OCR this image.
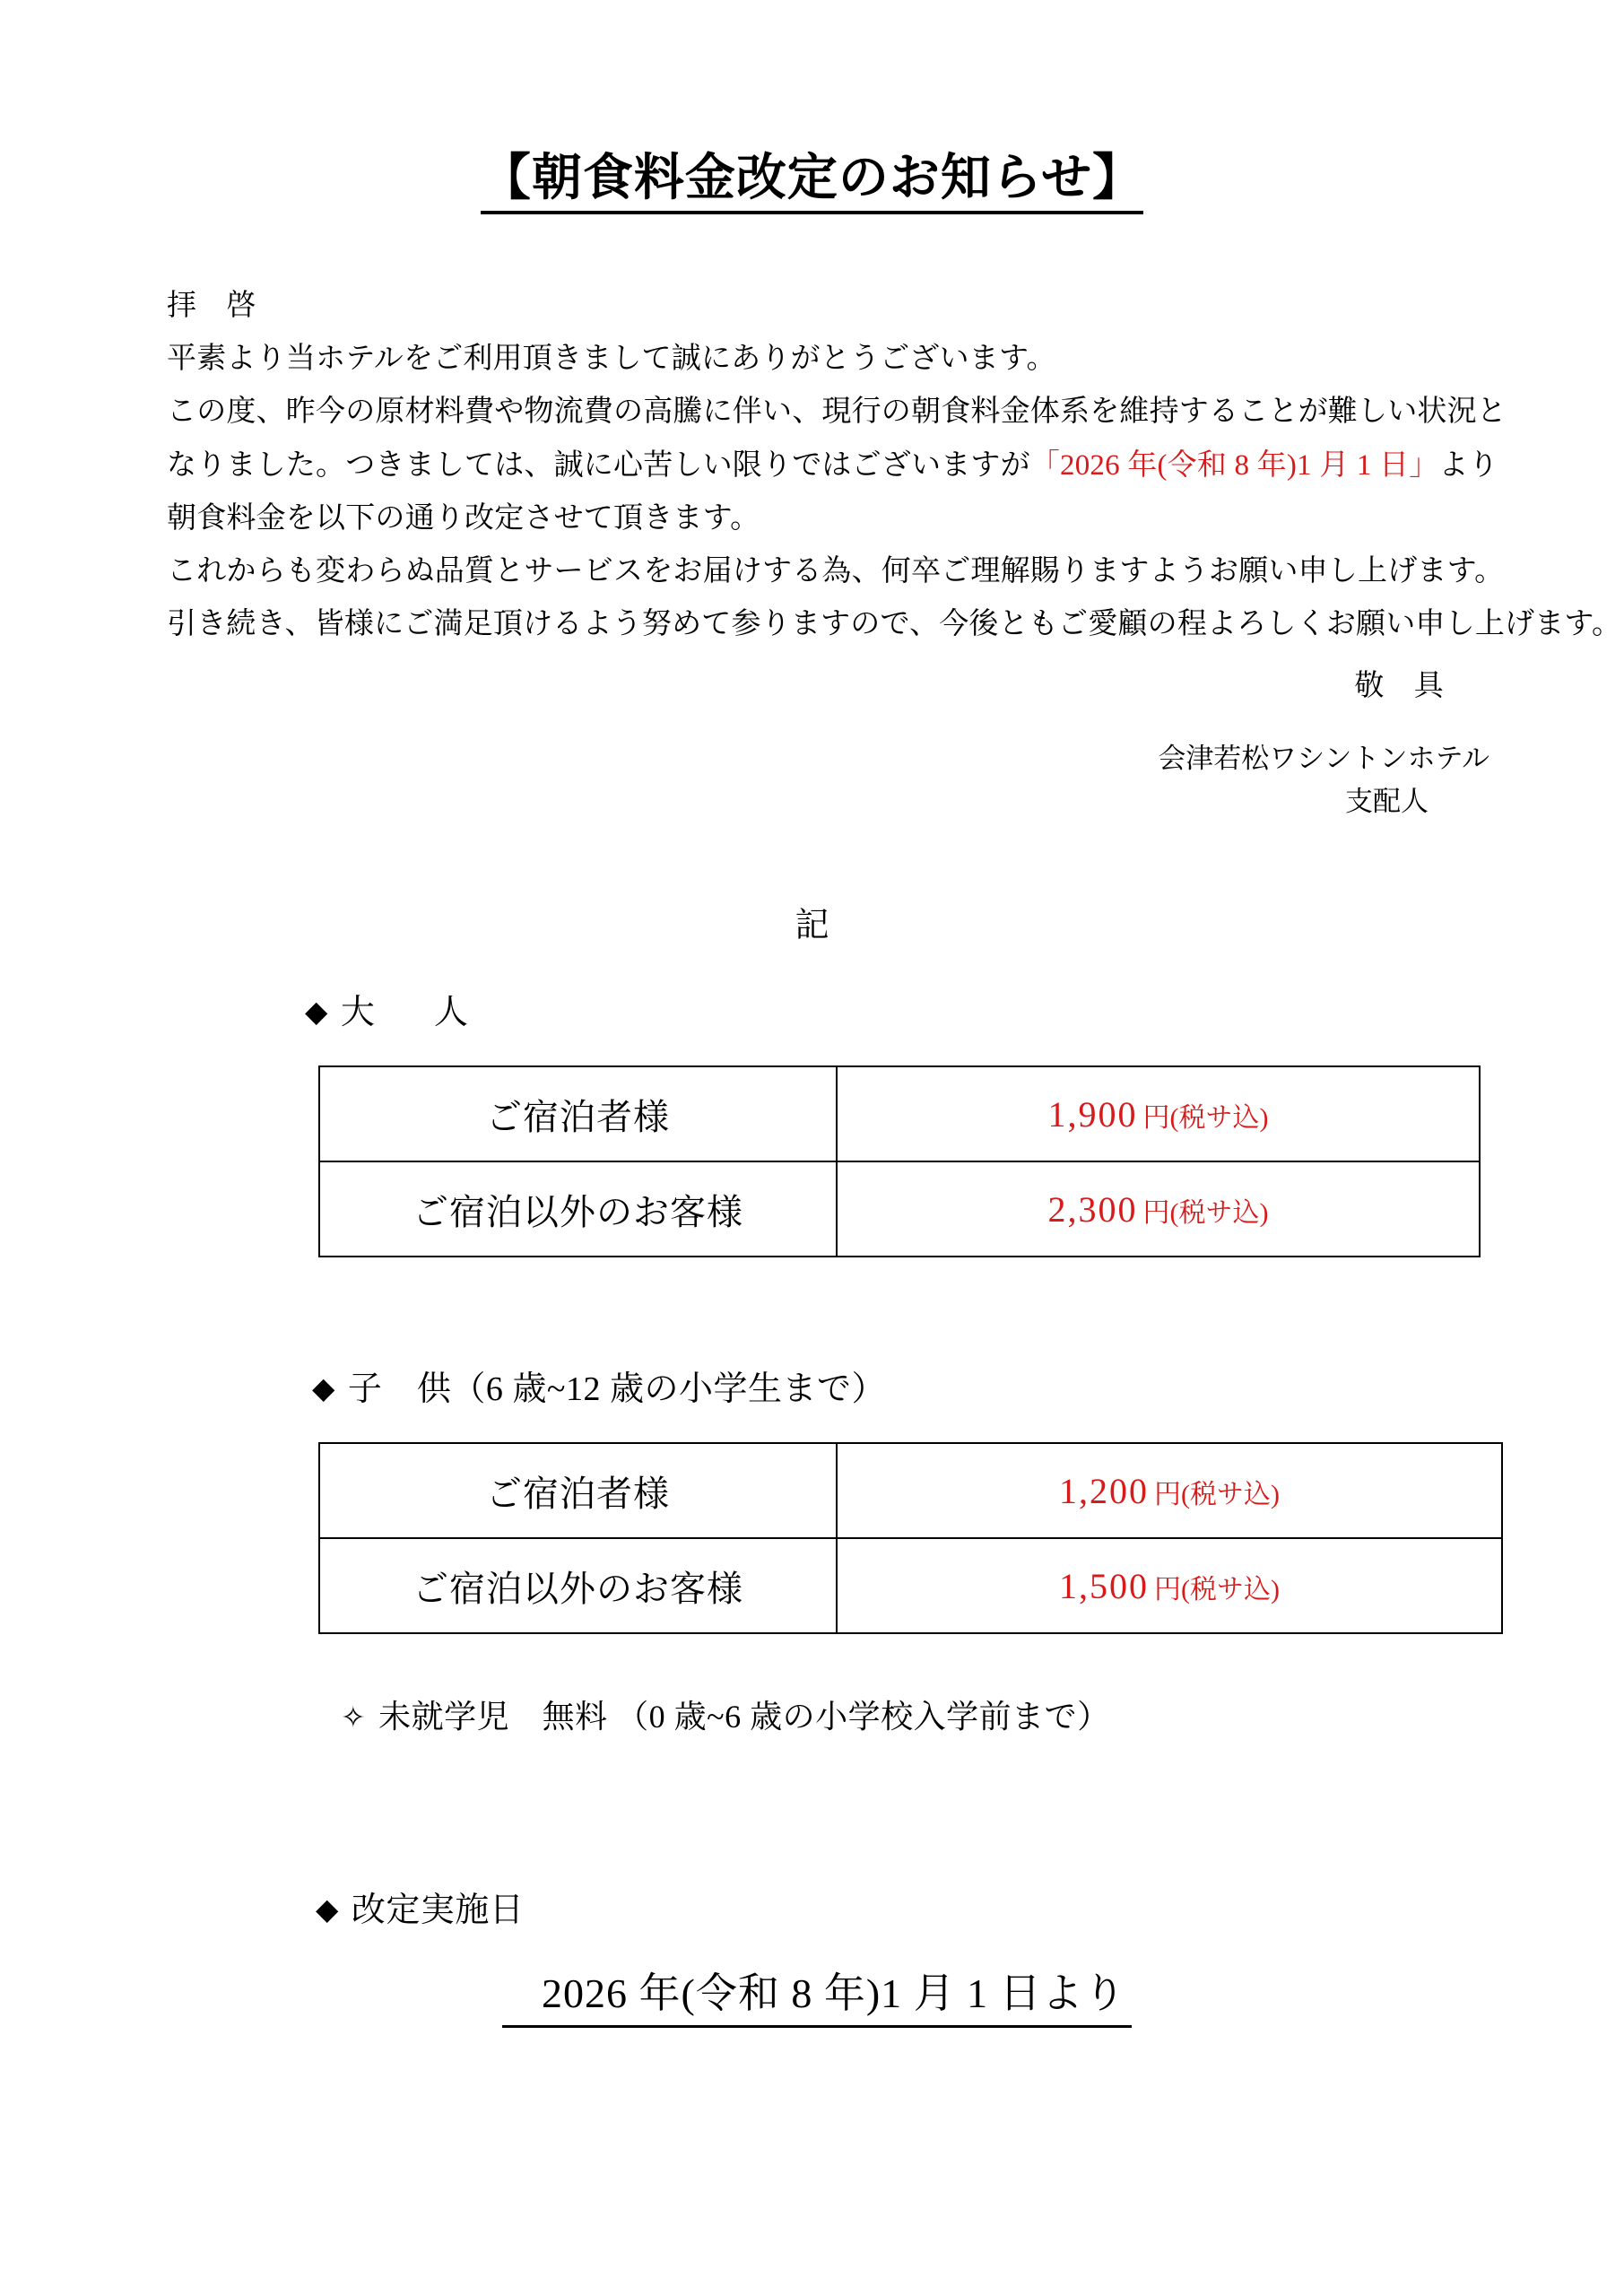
【朝食料金改定のお知らせ】

拝　啓

平素より当ホテルをご利用頂きまして誠にありがとうございます。

この度、昨今の原材料費や物流費の高騰に伴い、現行の朝食料金体系を維持することが難しい状況と

なりました。つきましては、誠に心苦しい限りではございますが「2026 年(令和 8 年)1 月 1 日」より

朝食料金を以下の通り改定させて頂きます。

これからも変わらぬ品質とサービスをお届けする為、何卒ご理解賜りますようお願い申し上げます。

引き続き、皆様にご満足頂けるよう努めて参りますので、今後ともご愛顧の程よろしくお願い申し上げます。

敬　具

会津若松ワシントンホテル
支配人
記
◆ 大　人
ご宿泊者様	1,900 円(税サ込)
ご宿泊以外のお客様	2,300 円(税サ込)
◆ 子　供（6 歳~12 歳の小学生まで）
ご宿泊者様	1,200 円(税サ込)
ご宿泊以外のお客様	1,500 円(税サ込)
✧ 未就学児　無料 （0 歳~6 歳の小学校入学前まで）
◆ 改定実施日
2026 年(令和 8 年)1 月 1 日より
